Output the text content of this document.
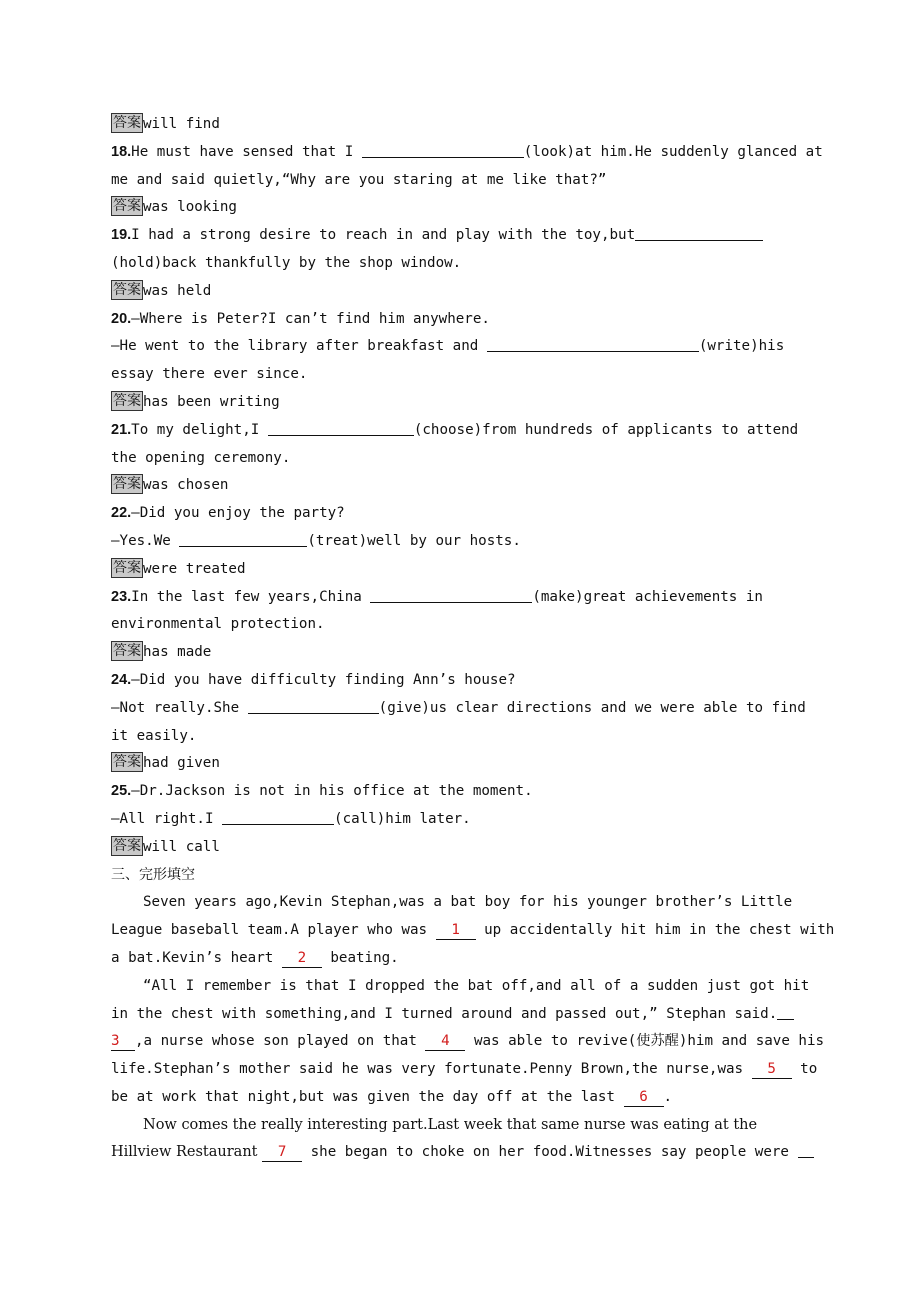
答案 will find
18.He must have sensed that I	(look)at him.He suddenly glanced at
me and said quietly,“Why are you staring at me like that?”
答案 was looking
19.I had a strong desire to reach in and play with the toy,but
(hold)back thankfully by the shop window.
答案 was held
20.—Where is Peter?I can’t find him anywhere.
—He went to the library after breakfast and	(write)his
essay there ever since.
答案 has been writing
21.To my delight,I	(choose)from hundreds of applicants to attend
the opening ceremony.
答案 was chosen
22.—Did you enjoy the party?
—Yes.We	(treat)well by our hosts.
答案 were treated
23.In the last few years,China	(make)great achievements in
environmental protection.
答案 has made
24.—Did you have difficulty finding Ann’s house?
—Not really.She	(give)us clear directions and we were able to find
it easily.
答案 had given
25.—Dr.Jackson is not in his office at the moment.
—All right.I	(call)him later.
答案 will call
三、完形填空
Seven years ago,Kevin Stephan,was a bat boy for his younger brother’s Little
League baseball team.A player who was 1 up accidentally hit him in the chest with
a bat.Kevin’s heart 2 beating.
“All I remember is that I dropped the bat off,and all of a sudden just got hit
in the chest with something,and I turned around and passed out,” Stephan said.
3 ,a nurse whose son played on that 4 was able to revive(使苏醒)him and save his
life.Stephan’s mother said he was very fortunate.Penny Brown,the nurse,was 5 to
be at work that night,but was given the day off at the last 6 .
Now comes the really interesting part.Last week that same nurse was eating at the
Hillview Restaurant 7 she began to choke on her food.Witnesses say people were
